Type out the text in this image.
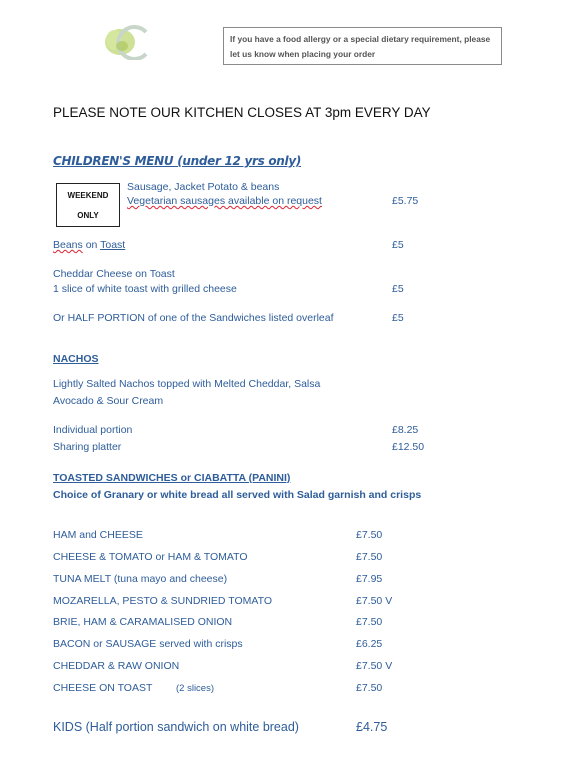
If you have a food allergy or a special dietary requirement, please let us know when placing your order
PLEASE NOTE OUR KITCHEN CLOSES AT 3pm EVERY DAY
CHILDREN'S MENU (under 12 yrs only)
WEEKEND
ONLY
Sausage, Jacket Potato & beans
Vegetarian sausages available on request	£5.75
Beans on Toast	£5
Cheddar Cheese on Toast
1 slice of white toast with grilled cheese	£5
Or HALF PORTION of one of the Sandwiches listed overleaf	£5
NACHOS
Lightly Salted Nachos topped with Melted Cheddar, Salsa
Avocado & Sour Cream
Individual portion	£8.25
Sharing platter	£12.50
TOASTED SANDWICHES or CIABATTA (PANINI)
Choice of Granary or white bread all served with Salad garnish and crisps
HAM and CHEESE	£7.50
CHEESE & TOMATO or HAM & TOMATO	£7.50
TUNA MELT (tuna mayo and cheese)	£7.95
MOZARELLA, PESTO & SUNDRIED TOMATO	£7.50 V
BRIE, HAM & CARAMALISED ONION	£7.50
BACON or SAUSAGE served with crisps	£6.25
CHEDDAR & RAW ONION	£7.50 V
CHEESE ON TOAST (2 slices)	£7.50
KIDS (Half portion sandwich on white bread)	£4.75
